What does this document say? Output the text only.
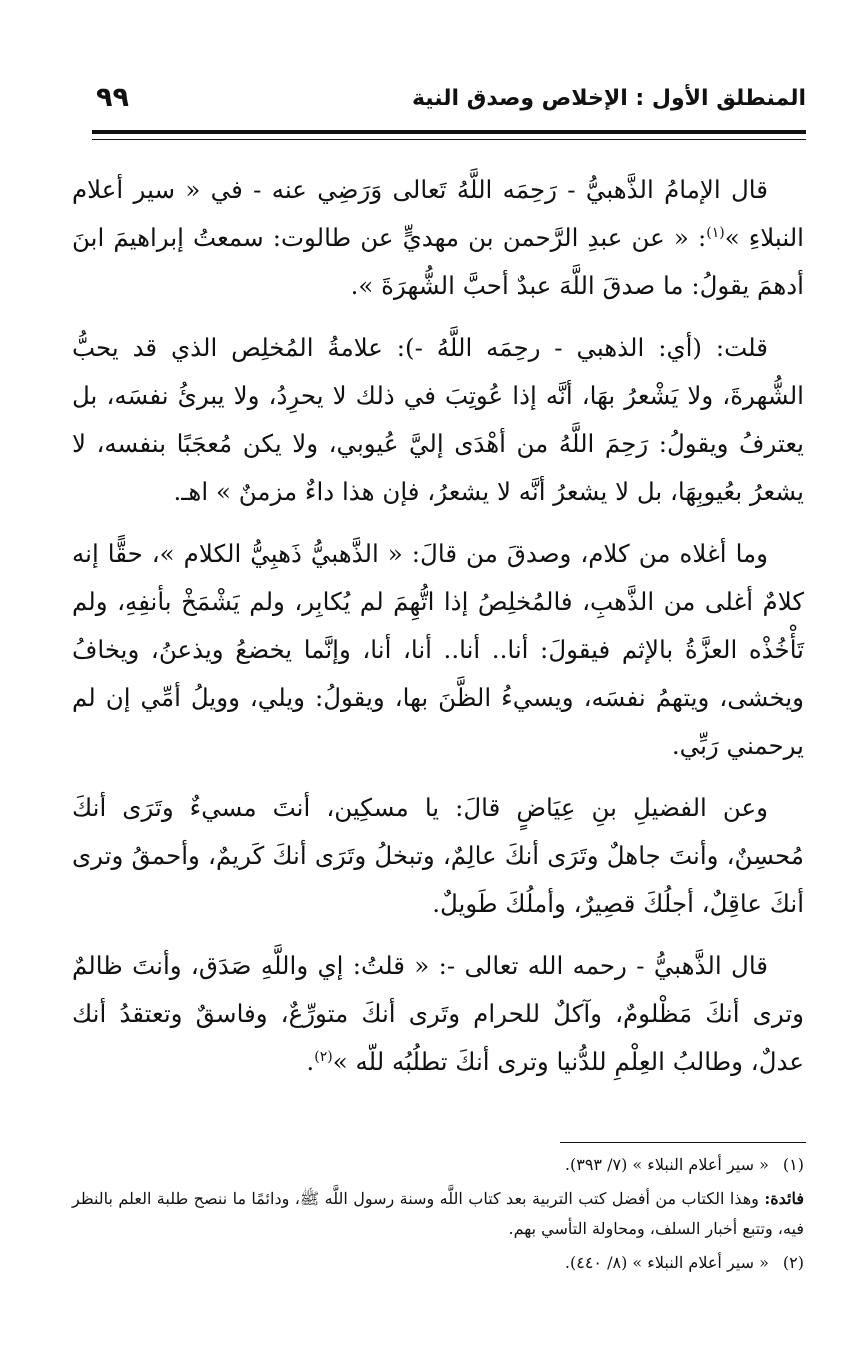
المنطلق الأول : الإخلاص وصدق النية
٩٩

قال الإمامُ الذَّهبيُّ - رَحِمَه اللَّهُ تَعالى وَرَضِي عنه - في « سير أعلام النبلاءِ »$^{(١)}$: « عن عبدِ الرَّحمن بن مهديٍّ عن طالوت: سمعتُ إبراهيمَ ابنَ أدهمَ يقولُ: ما صدقَ اللَّهَ عبدٌ أحبَّ الشُّهرَةَ ».

قلت: (أي: الذهبي - رحِمَه اللَّهُ -): علامةُ المُخلِص الذي قد يحبُّ الشُّهرةَ، ولا يَشْعرُ بهَا، أنَّه إذا عُوتِبَ في ذلك لا يحرِدُ، ولا يبرئُ نفسَه، بل يعترفُ ويقولُ: رَحِمَ اللَّهُ من أهْدَى إليَّ عُيوبي، ولا يكن مُعجَبًا بنفسه، لا يشعرُ بعُيوبِهَا، بل لا يشعرُ أنَّه لا يشعرُ، فإن هذا داءٌ مزمنٌ » اهـ.

وما أغلاه من كلام، وصدقَ من قالَ: « الذَّهبيُّ ذَهبِيُّ الكلام »، حقًّا إنه كلامٌ أغلى من الذَّهبِ، فالمُخلِصُ إذا اتُّهِمَ لم يُكابِر، ولم يَشْمَخْ بأنفِهِ، ولم تَأْخُذْه العزَّةُ بالإثم فيقولَ: أنا.. أنا.. أنا، أنا، وإنَّما يخضعُ ويذعنُ، ويخافُ ويخشى، ويتهمُ نفسَه، ويسيءُ الظَّنَ بها، ويقولُ: ويلي، وويلُ أمِّي إن لم يرحمني رَبِّي.

وعن الفضيلِ بنِ عِيَاضٍ قالَ: يا مسكِين، أنتَ مسيءٌ وتَرَى أنكَ مُحسِنٌ، وأنتَ جاهلٌ وتَرَى أنكَ عالِمٌ، وتبخلُ وتَرَى أنكَ كَريمٌ، وأحمقُ وترى أنكَ عاقِلٌ، أجلُكَ قصِيرٌ، وأملُكَ طَويلٌ.

قال الذَّهبيُّ - رحمه الله تعالى -: « قلتُ: إي واللَّهِ صَدَق، وأنتَ ظالمٌ وترى أنكَ مَظْلومٌ، وآكلٌ للحرام وتَرى أنكَ متورِّعٌ، وفاسقٌ وتعتقدُ أنك عدلٌ، وطالبُ العِلْمِ للدُّنيا وترى أنكَ تطلُبُه للّه »$^{(٢)}$.

(١)« سير أعلام النبلاء » (٧/ ٣٩٣).

فائدة: وهذا الكتاب من أفضل كتب التربية بعد كتاب اللَّه وسنة رسول اللَّه ﷺ، ودائمًا ما ننصح طلبة العلم بالنظر فيه، وتتبع أخبار السلف، ومحاولة التأسي بهم.

(٢)« سير أعلام النبلاء » (٨/ ٤٤٠).
